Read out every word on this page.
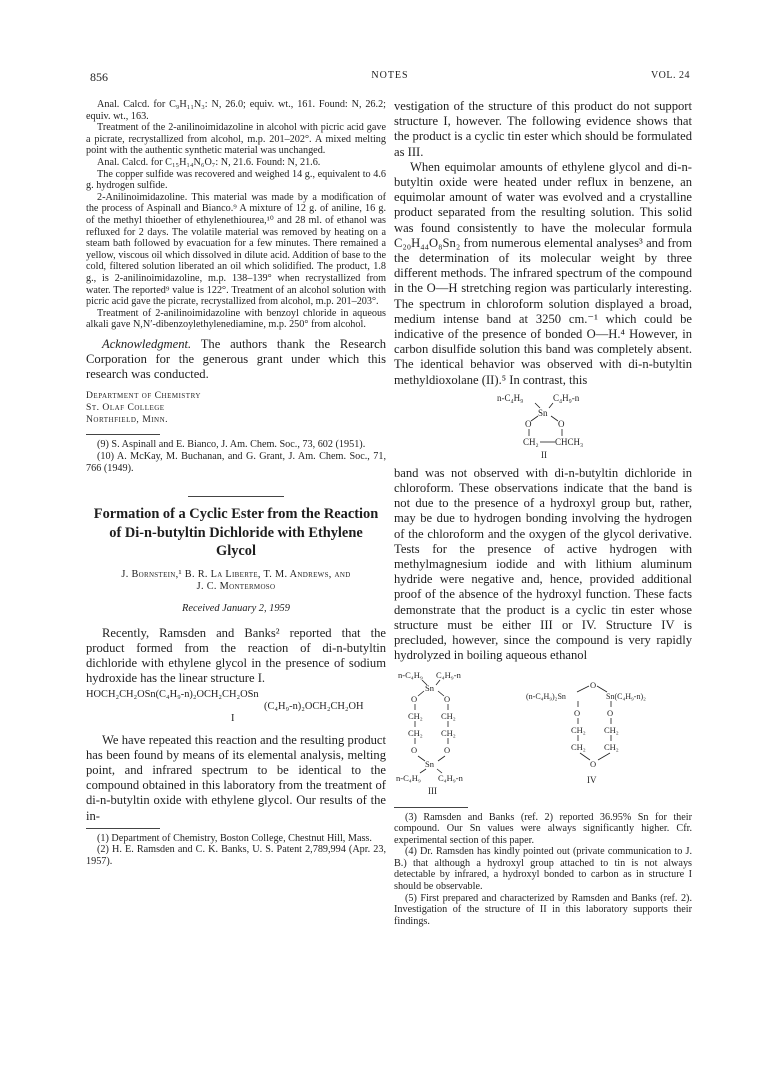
856	NOTES	VOL. 24

Anal. Calcd. for C₉H₁₁N₃: N, 26.0; equiv. wt., 161. Found: N, 26.2; equiv. wt., 163.

Treatment of the 2-anilinoimidazoline in alcohol with picric acid gave a picrate, recrystallized from alcohol, m.p. 201–202°. A mixed melting point with the authentic synthetic material was unchanged.

Anal. Calcd. for C₁₅H₁₄N₆O₇: N, 21.6. Found: N, 21.6.

The copper sulfide was recovered and weighed 14 g., equivalent to 4.6 g. hydrogen sulfide.

2-Anilinoimidazoline. This material was made by a modification of the process of Aspinall and Bianco.⁹ A mixture of 12 g. of aniline, 16 g. of the methyl thioether of ethylenethiourea,¹⁰ and 28 ml. of ethanol was refluxed for 2 days. The volatile material was removed by heating on a steam bath followed by evacuation for a few minutes. There remained a yellow, viscous oil which dissolved in dilute acid. Addition of base to the cold, filtered solution liberated an oil which solidified. The product, 1.8 g., is 2-anilinoimidazoline, m.p. 138–139° when recrystallized from water. The reported⁹ value is 122°. Treatment of an alcohol solution with picric acid gave the picrate, recrystallized from alcohol, m.p. 201–203°.

Treatment of 2-anilinoimidazoline with benzoyl chloride in aqueous alkali gave N,N′-dibenzoylethylenediamine, m.p. 250° from alcohol.

Acknowledgment. The authors thank the Research Corporation for the generous grant under which this research was conducted.

Department of Chemistry
St. Olaf College
Northfield, Minn.

(9) S. Aspinall and E. Bianco, J. Am. Chem. Soc., 73, 602 (1951).

(10) A. McKay, M. Buchanan, and G. Grant, J. Am. Chem. Soc., 71, 766 (1949).

Formation of a Cyclic Ester from the Reaction of Di-n-butyltin Dichloride with Ethylene Glycol
J. Bornstein,¹ B. R. La Liberte, T. M. Andrews, and
J. C. Montermoso
Received January 2, 1959

Recently, Ramsden and Banks² reported that the product formed from the reaction of di-n-butyltin dichloride with ethylene glycol in the presence of sodium hydroxide has the linear structure I.

HOCH₂CH₂OSn(C₄H₉-n)₂OCH₂CH₂OSn
(C₄H₉-n)₂OCH₂CH₂OH
I

We have repeated this reaction and the resulting product has been found by means of its elemental analysis, melting point, and infrared spectrum to be identical to the compound obtained in this laboratory from the treatment of di-n-butyltin oxide with ethylene glycol. Our results of the in-

(1) Department of Chemistry, Boston College, Chestnut Hill, Mass.

(2) H. E. Ramsden and C. K. Banks, U. S. Patent 2,789,994 (Apr. 23, 1957).

vestigation of the structure of this product do not support structure I, however. The following evidence shows that the product is a cyclic tin ester which should be formulated as III.

When equimolar amounts of ethylene glycol and di-n-butyltin oxide were heated under reflux in benzene, an equimolar amount of water was evolved and a crystalline product separated from the resulting solution. This solid was found consistently to have the molecular formula C₂₀H₄₄O₈Sn₂ from numerous elemental analyses³ and from the determination of its molecular weight by three different methods. The infrared spectrum of the compound in the O—H stretching region was particularly interesting. The spectrum in chloroform solution displayed a broad, medium intense band at 3250 cm.⁻¹ which could be indicative of the presence of bonded O—H.⁴ However, in carbon disulfide solution this band was completely absent. The identical behavior was observed with di-n-butyltin methyldioxolane (II).⁵ In contrast, this

n-C₄H₉	C₄H₉-n
Sn
O	O
CH₂ CHCH₃
II

band was not observed with di-n-butyltin dichloride in chloroform. These observations indicate that the band is not due to the presence of a hydroxyl group but, rather, may be due to hydrogen bonding involving the hydrogen of the chloroform and the oxygen of the glycol derivative. Tests for the presence of active hydrogen with methylmagnesium iodide and with lithium aluminum hydride were negative and, hence, provided additional proof of the absence of the hydroxyl function. These facts demonstrate that the product is a cyclic tin ester whose structure must be either III or IV. Structure IV is precluded, however, since the compound is very rapidly hydrolyzed in boiling aqueous ethanol

n-C₄H₉ C₄H₉-n
Sn
O	O
CH₂ CH₂
CH₂ CH₂
O	O
Sn
n-C₄H₉ C₄H₉-n
III
O
(n-C₄H₉)₂Sn	Sn(C₄H₉-n)₂
O	O
CH₂ CH₂
CH₂ CH₂
O
IV

(3) Ramsden and Banks (ref. 2) reported 36.95% Sn for their compound. Our Sn values were always significantly higher. Cfr. experimental section of this paper.

(4) Dr. Ramsden has kindly pointed out (private communication to J. B.) that although a hydroxyl group attached to tin is not always detectable by infrared, a hydroxyl bonded to carbon as in structure I should be observable.

(5) First prepared and characterized by Ramsden and Banks (ref. 2). Investigation of the structure of II in this laboratory supports their findings.
